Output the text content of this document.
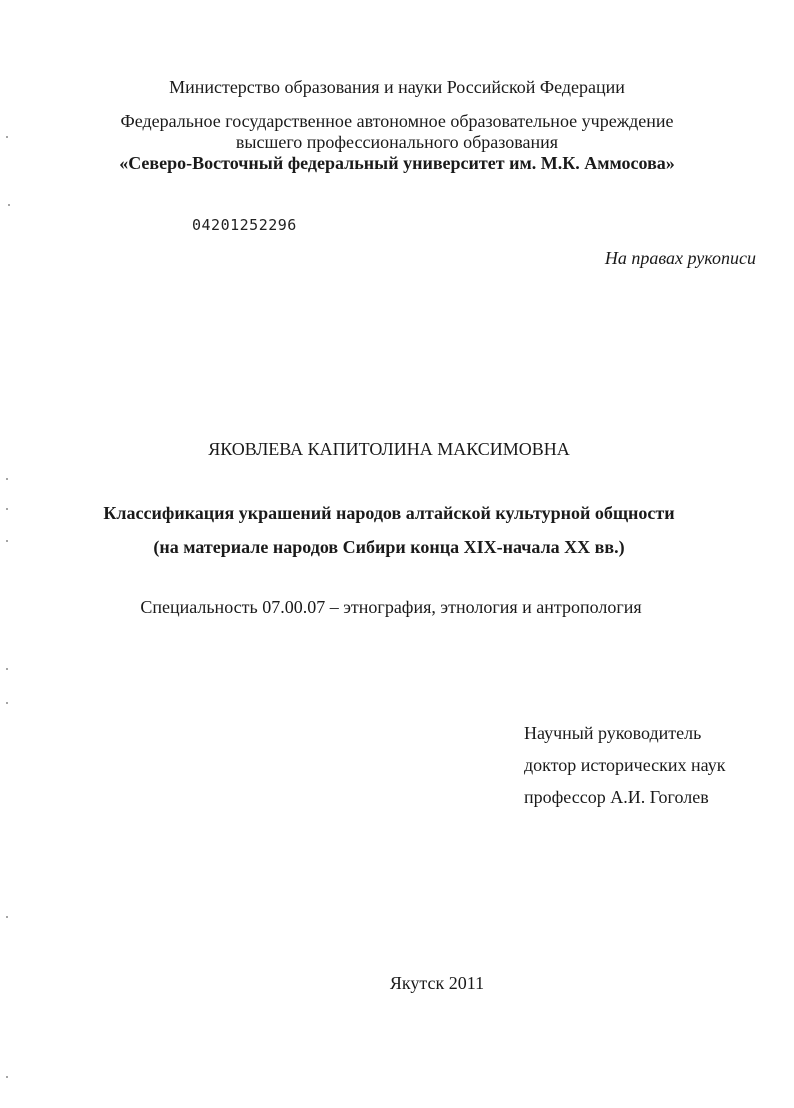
Министерство образования и науки Российской Федерации
Федеральное государственное автономное образовательное учреждение
высшего профессионального образования
«Северо-Восточный федеральный университет им. М.К. Аммосова»
04201252296
На правах рукописи
ЯКОВЛЕВА КАПИТОЛИНА МАКСИМОВНА
Классификация украшений народов алтайской культурной общности
(на материале народов Сибири конца XIX-начала XX вв.)
Специальность 07.00.07 – этнография, этнология и антропология
Научный руководитель
доктор исторических наук
профессор А.И. Гоголев
Якутск 2011
